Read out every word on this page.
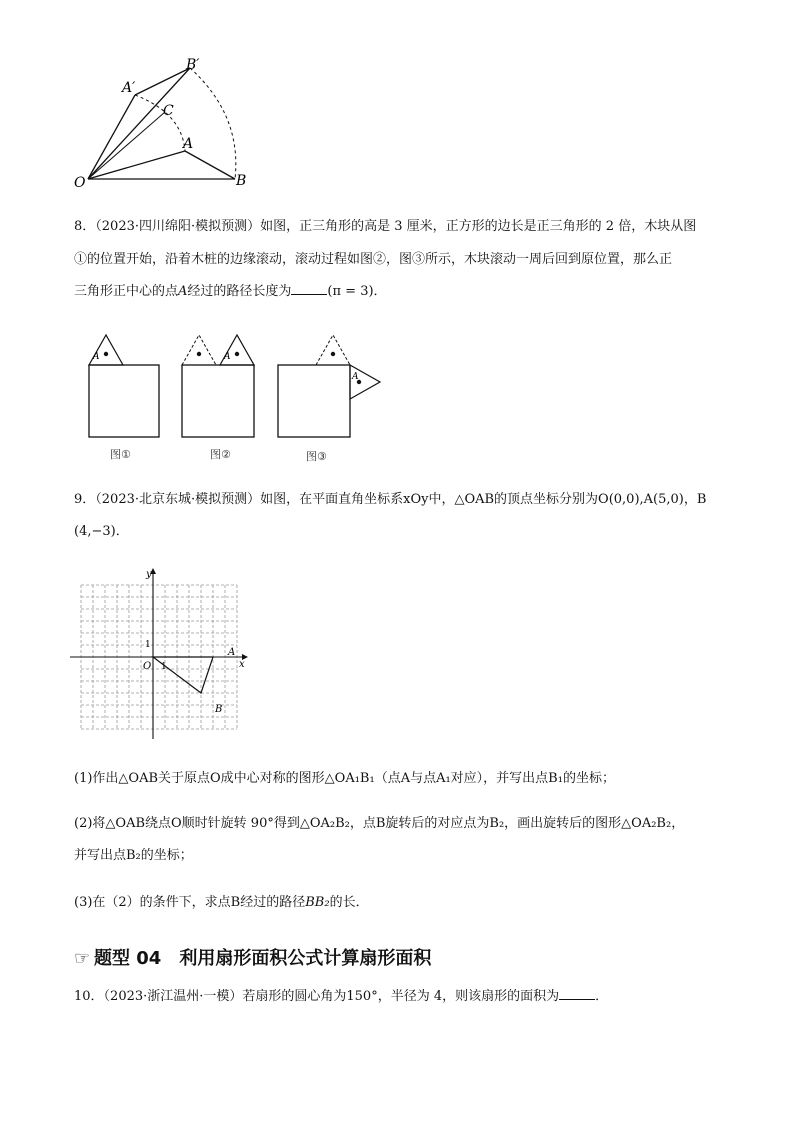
O
A
B
A′
B′
C
8．（2023·四川绵阳·模拟预测）如图，正三角形的高是 3 厘米，正方形的边长是正三角形的 2 倍，木块从图
①的位置开始，沿着木桩的边缘滚动，滚动过程如图②，图③所示，木块滚动一周后回到原位置，那么正
三角形正中心的点A经过的路径长度为	(π = 3)．
A
图①
A
图②
A
图③
9．（2023·北京东城·模拟预测）如图，在平面直角坐标系xOy中，△OAB的顶点坐标分别为O(0,0),A(5,0)，B
(4,−3)．
y
x
O 1
1
A
B
(1)作出△OAB关于原点O成中心对称的图形△OA₁B₁（点A与点A₁对应），并写出点B₁的坐标；
(2)将△OAB绕点O顺时针旋转 90°得到△OA₂B₂，点B旋转后的对应点为B₂，画出旋转后的图形△OA₂B₂，
并写出点B₂的坐标；
(3)在（2）的条件下，求点B经过的路径BB₂的长．
☞ 题型 04　利用扇形面积公式计算扇形面积
10．（2023·浙江温州·一模）若扇形的圆心角为150°，半径为 4，则该扇形的面积为	．
